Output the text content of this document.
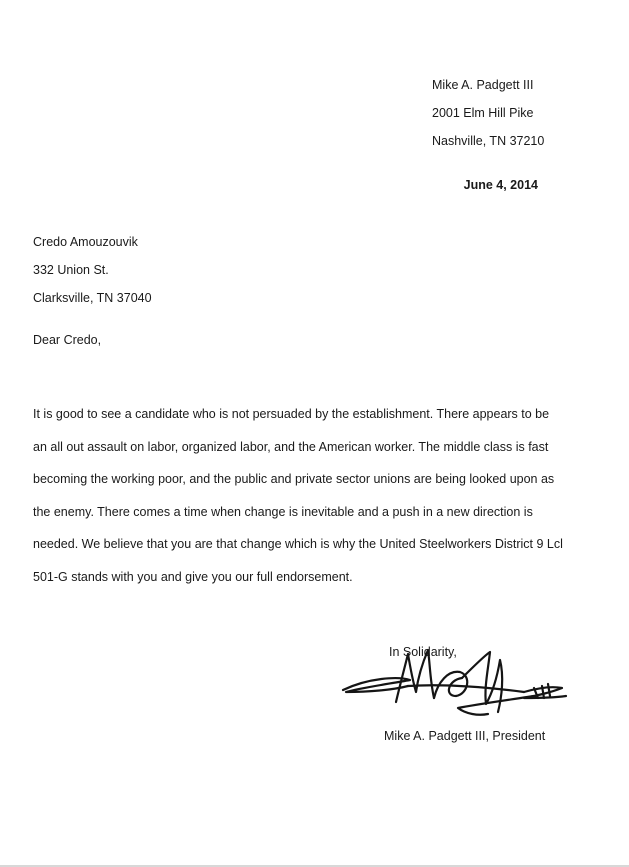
Mike A. Padgett III
2001 Elm Hill Pike
Nashville, TN 37210
June 4, 2014
Credo Amouzouvik
332 Union St.
Clarksville, TN 37040
Dear Credo,
It is good to see a candidate who is not persuaded by the establishment. There appears to be
an all out assault on labor, organized labor, and the American worker. The middle class is fast
becoming the working poor, and the public and private sector unions are being looked upon as
the enemy. There comes a time when change is inevitable and a push in a new direction is
needed. We believe that you are that change which is why the United Steelworkers District 9 Lcl
501-G stands with you and give you our full endorsement.
In Solidarity,
Mike A. Padgett III, President
